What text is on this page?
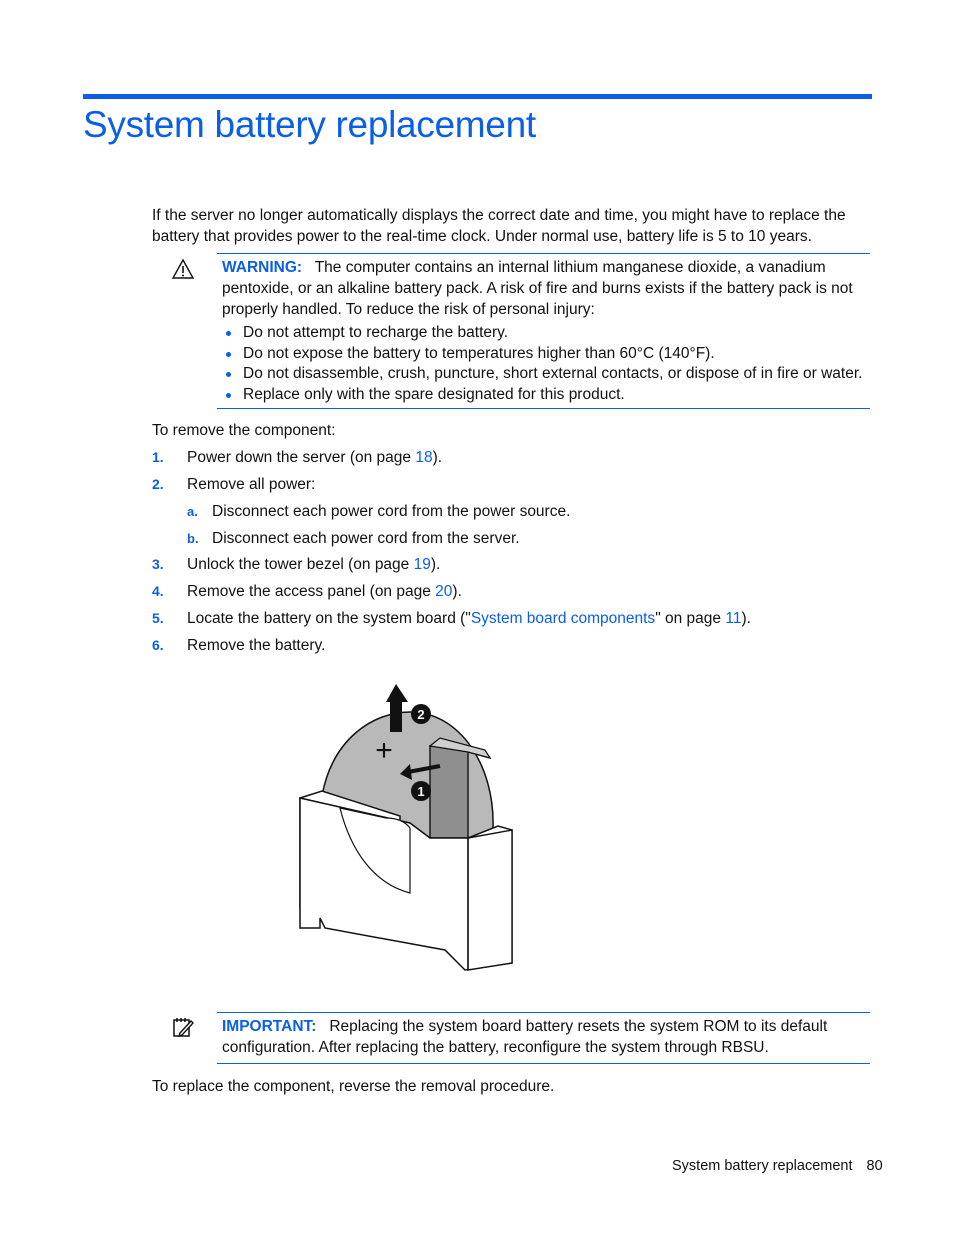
System battery replacement
If the server no longer automatically displays the correct date and time, you might have to replace the battery that provides power to the real-time clock. Under normal use, battery life is 5 to 10 years.
WARNING: The computer contains an internal lithium manganese dioxide, a vanadium pentoxide, or an alkaline battery pack. A risk of fire and burns exists if the battery pack is not properly handled. To reduce the risk of personal injury:
Do not attempt to recharge the battery.
Do not expose the battery to temperatures higher than 60°C (140°F).
Do not disassemble, crush, puncture, short external contacts, or dispose of in fire or water.
Replace only with the spare designated for this product.
To remove the component:
1. Power down the server (on page 18).
2. Remove all power:
a. Disconnect each power cord from the power source.
b. Disconnect each power cord from the server.
3. Unlock the tower bezel (on page 19).
4. Remove the access panel (on page 20).
5. Locate the battery on the system board ("System board components" on page 11).
6. Remove the battery.
+
2
1
IMPORTANT: Replacing the system board battery resets the system ROM to its default configuration. After replacing the battery, reconfigure the system through RBSU.
To replace the component, reverse the removal procedure.
System battery replacement 80
